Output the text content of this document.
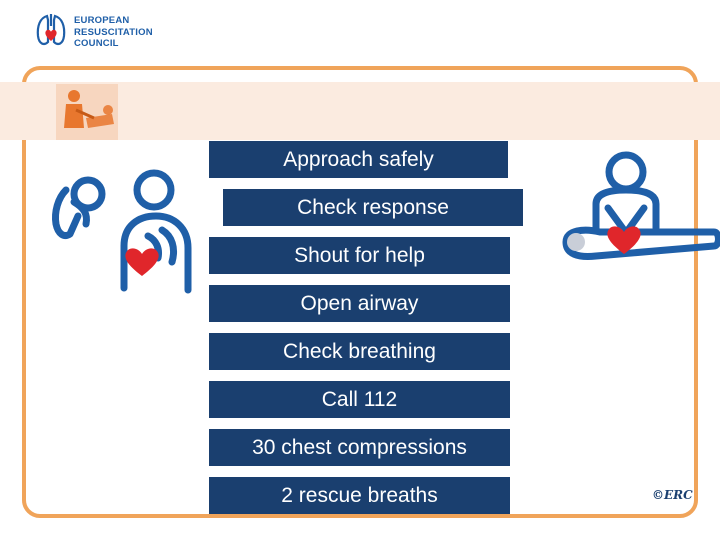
EUROPEAN
RESUSCITATION
COUNCIL
Approach safely
Check response
Shout for help
Open airway
Check breathing
Call 112
30 chest compressions
2 rescue breaths	©ERC
